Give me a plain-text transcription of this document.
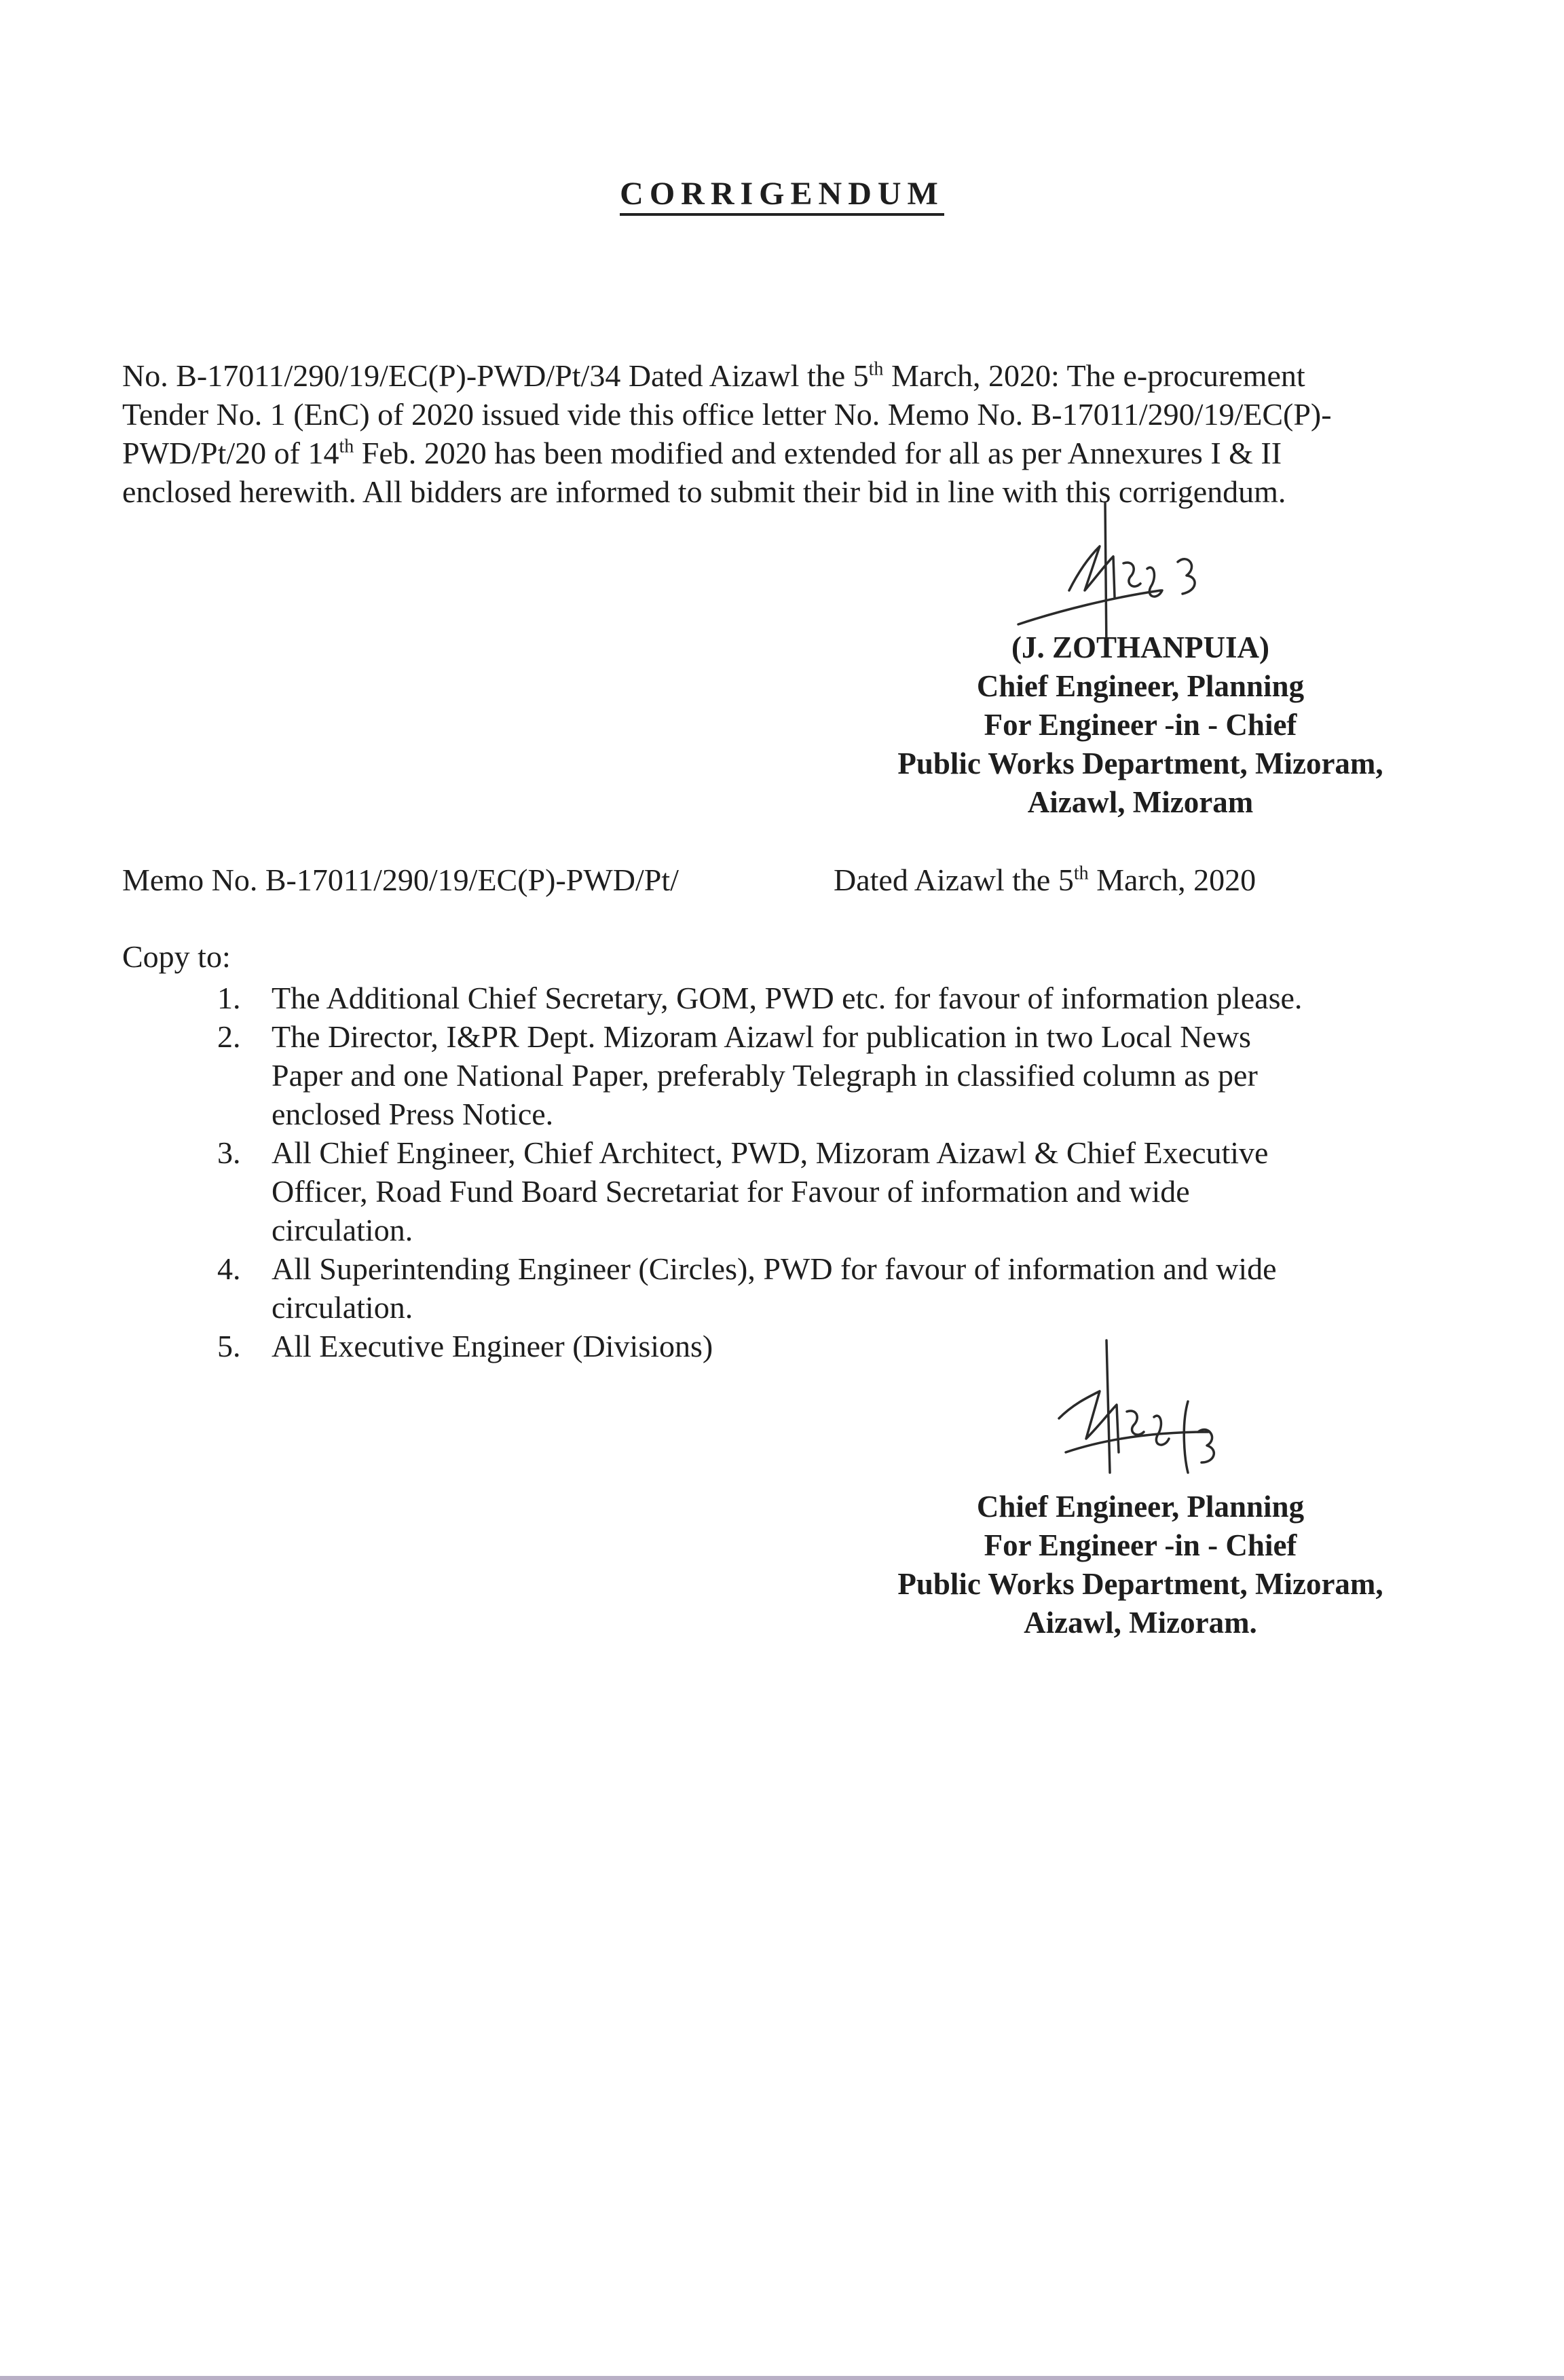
CORRIGENDUM
No. B-17011/290/19/EC(P)-PWD/Pt/34 Dated Aizawl the 5th March, 2020: The e-procurement
Tender No. 1 (EnC) of 2020 issued vide this office letter No. Memo No. B-17011/290/19/EC(P)-
PWD/Pt/20 of 14th Feb. 2020 has been modified and extended for all as per Annexures I & II
enclosed herewith. All bidders are informed to submit their bid in line with this corrigendum.
(J. ZOTHANPUIA)
Chief Engineer, Planning
For Engineer -in - Chief
Public Works Department, Mizoram,
Aizawl, Mizoram
Memo No. B-17011/290/19/EC(P)-PWD/Pt/	Dated Aizawl the 5th March, 2020
Copy to:
1. The Additional Chief Secretary, GOM, PWD etc. for favour of information please.
2. The Director, I&PR Dept. Mizoram Aizawl for publication in two Local News
Paper and one National Paper, preferably Telegraph in classified column as per
enclosed Press Notice.
3. All Chief Engineer, Chief Architect, PWD, Mizoram Aizawl & Chief Executive
Officer, Road Fund Board Secretariat for Favour of information and wide
circulation.
4. All Superintending Engineer (Circles), PWD for favour of information and wide
circulation.
5. All Executive Engineer (Divisions)
Chief Engineer, Planning
For Engineer -in - Chief
Public Works Department, Mizoram,
Aizawl, Mizoram.
